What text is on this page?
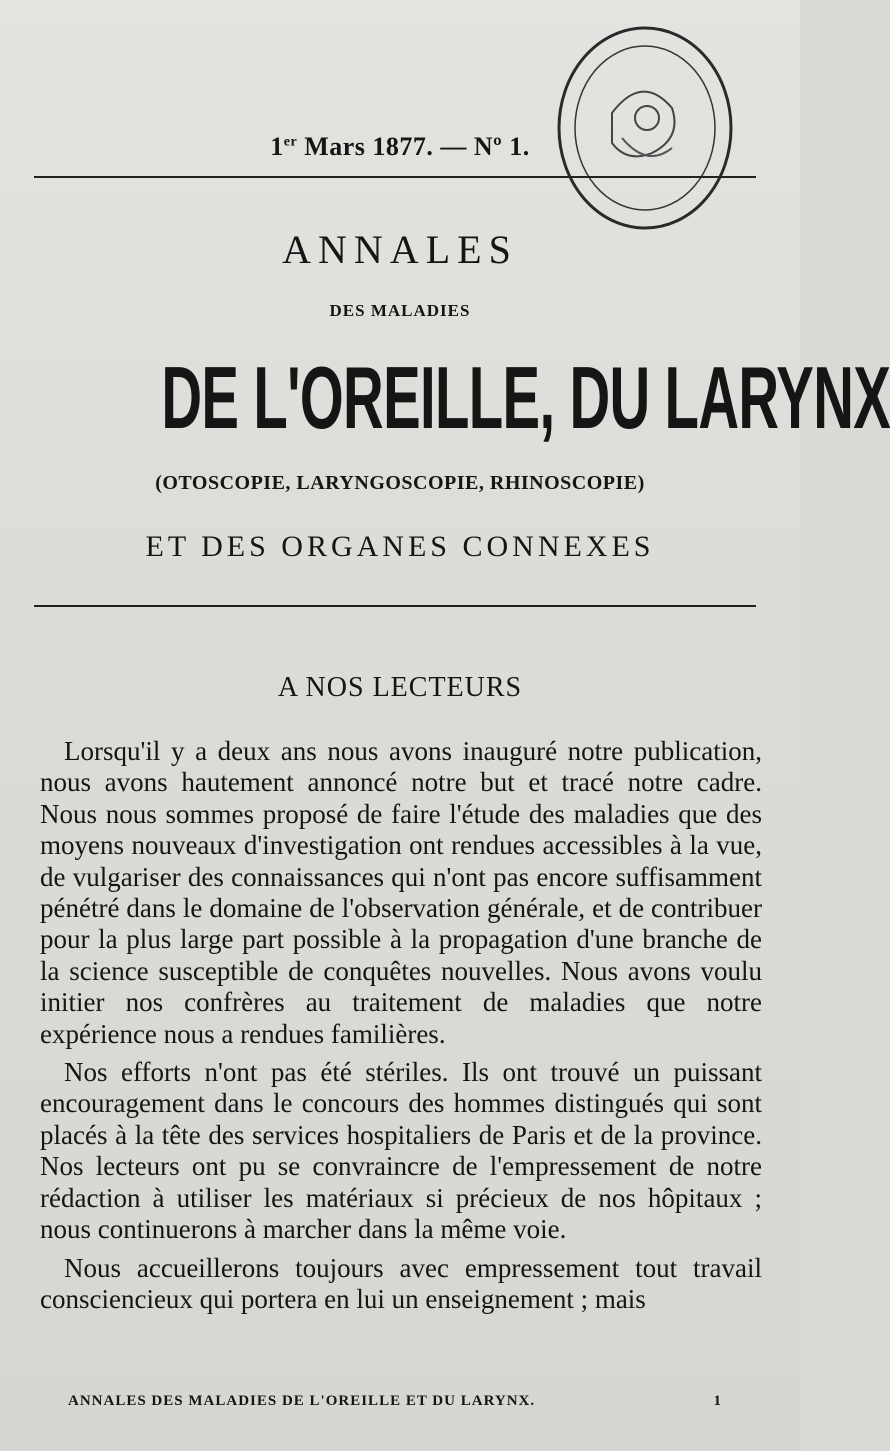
1er Mars 1877. — Nº 1.
ANNALES
DES MALADIES
DE L'OREILLE, DU LARYNX
(OTOSCOPIE, LARYNGOSCOPIE, RHINOSCOPIE)
ET DES ORGANES CONNEXES
A NOS LECTEURS

Lorsqu'il y a deux ans nous avons inauguré notre publication, nous avons hautement annoncé notre but et tracé notre cadre. Nous nous sommes proposé de faire l'étude des maladies que des moyens nouveaux d'investigation ont rendues accessibles à la vue, de vulgariser des connaissances qui n'ont pas encore suffisamment pénétré dans le domaine de l'observation générale, et de contribuer pour la plus large part possible à la propagation d'une branche de la science susceptible de conquêtes nouvelles. Nous avons voulu initier nos confrères au traitement de maladies que notre expérience nous a rendues familières.

Nos efforts n'ont pas été stériles. Ils ont trouvé un puissant encouragement dans le concours des hommes distingués qui sont placés à la tête des services hospitaliers de Paris et de la province. Nos lecteurs ont pu se convraincre de l'empressement de notre rédaction à utiliser les matériaux si précieux de nos hôpitaux ; nous continuerons à marcher dans la même voie.

Nous accueillerons toujours avec empressement tout travail consciencieux qui portera en lui un enseignement ; mais

ANNALES DES MALADIES DE L'OREILLE ET DU LARYNX.	1
